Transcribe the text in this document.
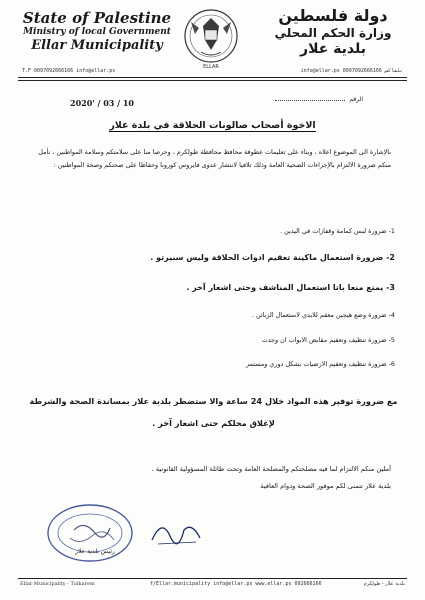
State of Palestine
Ministry of local Government
Ellar Municipality
T.F 0097092666166 info@ellar.ps
ELLAR
دولة فلسطين
وزارة الحكم المحلي
بلدية علار
info@ellar.ps 0097092666166 تلفاكس
2020' / 03 / 10	الرقم
الاخوة أصحاب صالونات الحلاقة في بلدة علار
بالإشارة الى الموضوع اعلاه ، وبناء على تعليمات عطوفة محافظ محافظة طولكرم ، وحرصا منا على سلامتكم وسلامة المواطنين ، نأمل منكم ضرورة الالتزام بالإجراءات الصحية العامة وذلك تلافيا لانتشار عدوى فايروس كورونا وحفاظا على صحتكم وصحة المواطنين :
1- ضرورة لبس كمامة وقفازات في اليدين .
2- ضرورة استعمال ماكينة تعقيم ادوات الحلاقة وليس سبيرتو .
3- يمنع منعا باتا استعمال المناشف وحتى اشعار آخر .
4- ضرورة وضع هيجين معقم للايدي لاستعمال الزبائن .
5- ضرورة تنظيف وتعقيم مقابض الابواب ان وجدت
6- ضرورة تنظيف وتعقيم الارضيات بشكل دوري ومستمر
مع ضرورة توفير هذه المواد خلال 24 ساعة والا ستضطر بلدية علار بمساندة الصحة والشرطة
لإغلاق محلكم حتى اشعار آخر .
آملين منكم الالتزام لما فيه مصلحتكم والمصلحة العامة وتحت طائلة المسؤولية القانونية .
بلدية علار تتمنى لكم موفور الصحة ودوام العافية
رئيس بلدية علار
Ellar Municipality - Tulkarem	f/Ellar.municipality info@ellar.ps www.ellar.ps 092666166	بلدية علار - طولكرم
